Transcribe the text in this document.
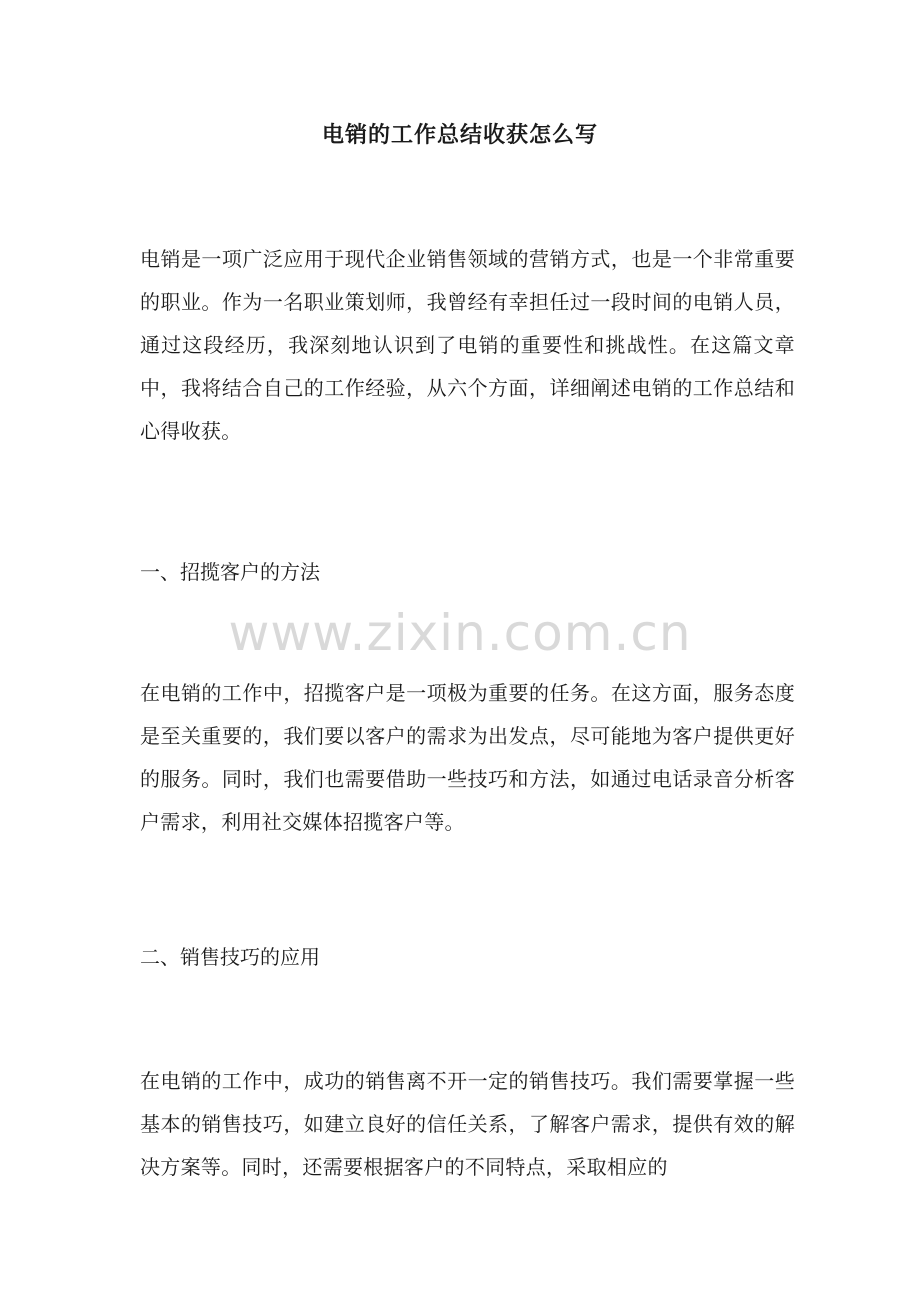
电销的工作总结收获怎么写

电销是一项广泛应用于现代企业销售领域的营销方式，也是一个非常重要的职业。作为一名职业策划师，我曾经有幸担任过一段时间的电销人员，通过这段经历，我深刻地认识到了电销的重要性和挑战性。在这篇文章中，我将结合自己的工作经验，从六个方面，详细阐述电销的工作总结和心得收获。

一、招揽客户的方法

www.zixin.com.cn

在电销的工作中，招揽客户是一项极为重要的任务。在这方面，服务态度是至关重要的，我们要以客户的需求为出发点，尽可能地为客户提供更好的服务。同时，我们也需要借助一些技巧和方法，如通过电话录音分析客户需求，利用社交媒体招揽客户等。

二、销售技巧的应用

在电销的工作中，成功的销售离不开一定的销售技巧。我们需要掌握一些基本的销售技巧，如建立良好的信任关系，了解客户需求，提供有效的解决方案等。同时，还需要根据客户的不同特点，采取相应的
